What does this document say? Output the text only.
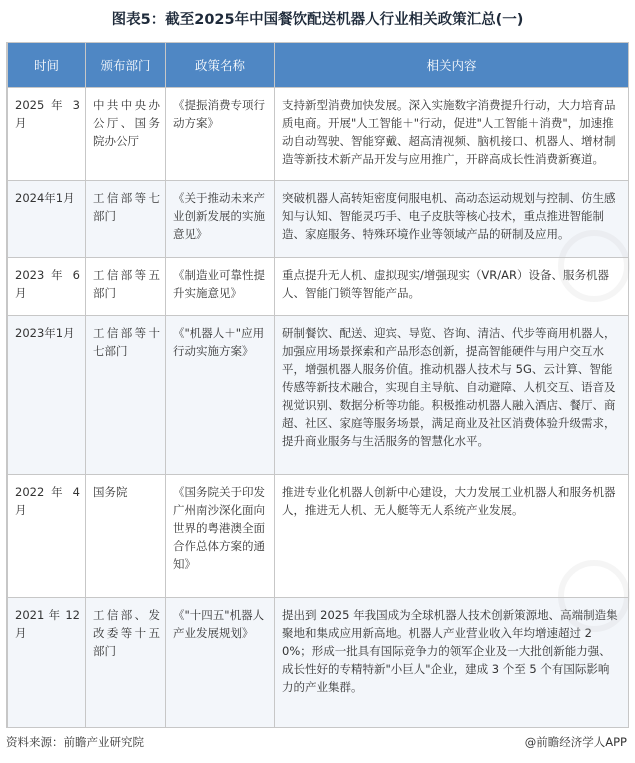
图表5：截至2025年中国餐饮配送机器人行业相关政策汇总(一)
时间	颁布部门	政策名称	相关内容
2025 年 3 月	中共中央办公厅、国务院办公厅	《提振消费专项行动方案》	支持新型消费加快发展。深入实施数字消费提升行动，大力培育品质电商。开展"人工智能＋"行动，促进"人工智能＋消费"，加速推动自动驾驶、智能穿戴、超高清视频、脑机接口、机器人、增材制造等新技术新产品开发与应用推广，开辟高成长性消费新赛道。
2024年1月	工信部等七部门	《关于推动未来产业创新发展的实施意见》	突破机器人高转矩密度伺服电机、高动态运动规划与控制、仿生感知与认知、智能灵巧手、电子皮肤等核心技术，重点推进智能制造、家庭服务、特殊环境作业等领域产品的研制及应用。
2023 年 6 月	工信部等五部门	《制造业可靠性提升实施意见》	重点提升无人机、虚拟现实/增强现实（VR/AR）设备、服务机器人、智能门锁等智能产品。
2023年1月	工信部等十七部门	《"机器人＋"应用行动实施方案》	研制餐饮、配送、迎宾、导览、咨询、清洁、代步等商用机器人，加强应用场景探索和产品形态创新，提高智能硬件与用户交互水平，增强机器人服务价值。推动机器人技术与 5G、云计算、智能传感等新技术融合，实现自主导航、自动避障、人机交互、语音及视觉识别、数据分析等功能。积极推动机器人融入酒店、餐厅、商超、社区、家庭等服务场景，满足商业及社区消费体验升级需求，提升商业服务与生活服务的智慧化水平。
2022 年 4 月	国务院	《国务院关于印发广州南沙深化面向世界的粤港澳全面合作总体方案的通知》	推进专业化机器人创新中心建设，大力发展工业机器人和服务机器人，推进无人机、无人艇等无人系统产业发展。
2021 年 12 月	工信部、发改委等十五部门	《"十四五"机器人产业发展规划》	提出到 2025 年我国成为全球机器人技术创新策源地、高端制造集聚地和集成应用新高地。机器人产业营业收入年均增速超过 20%；形成一批具有国际竞争力的领军企业及一大批创新能力强、成长性好的专精特新"小巨人"企业，建成 3 个至 5 个有国际影响力的产业集群。
资料来源：前瞻产业研究院	@前瞻经济学人APP
